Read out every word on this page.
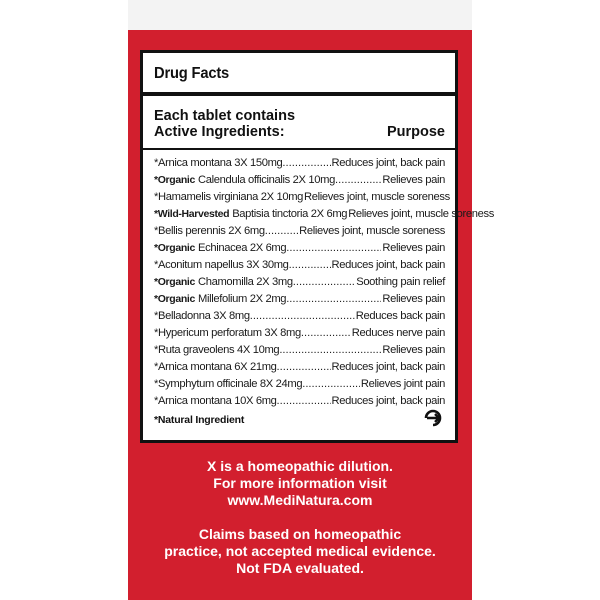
Drug Facts
Each tablet contains
Active Ingredients:	Purpose
*Arnica montana 3X 150mg .....	Reduces joint, back pain
*Organic Calendula officinalis 2X 10mg .....	Relieves pain
*Hamamelis virginiana 2X 10mg Relieves joint, muscle soreness
*Wild-Harvested Baptisia tinctoria 2X 6mg Relieves joint, muscle soreness
*Bellis perennis 2X 6mg .....	Relieves joint, muscle soreness
*Organic Echinacea 2X 6mg .....	Relieves pain
*Aconitum napellus 3X 30mg .....	Reduces joint, back pain
*Organic Chamomilla 2X 3mg .....	Soothing pain relief
*Organic Millefolium 2X 2mg .....	Relieves pain
*Belladonna 3X 8mg .....	Reduces back pain
*Hypericum perforatum 3X 8mg .....	Reduces nerve pain
*Ruta graveolens 4X 10mg .....	Relieves pain
*Arnica montana 6X 21mg .....	Reduces joint, back pain
*Symphytum officinale 8X 24mg .....	Relieves joint pain
*Arnica montana 10X 6mg .....	Reduces joint, back pain
*Natural Ingredient
X is a homeopathic dilution.
For more information visit
www.MediNatura.com
Claims based on homeopathic
practice, not accepted medical evidence.
Not FDA evaluated.
